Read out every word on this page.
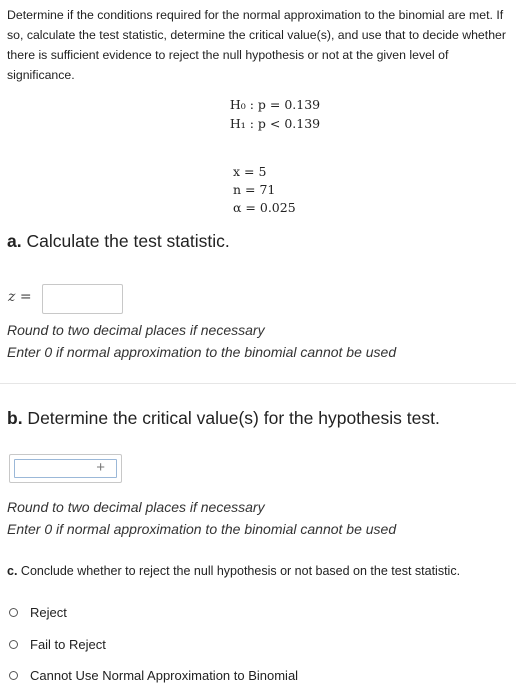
Determine if the conditions required for the normal approximation to the binomial are met. If so, calculate the test statistic, determine the critical value(s), and use that to decide whether there is sufficient evidence to reject the null hypothesis or not at the given level of significance.
H₀ : p = 0.139
H₁ : p < 0.139
x = 5
n = 71
α = 0.025
a. Calculate the test statistic.
z =
Round to two decimal places if necessary
Enter 0 if normal approximation to the binomial cannot be used
b. Determine the critical value(s) for the hypothesis test.
+
Round to two decimal places if necessary
Enter 0 if normal approximation to the binomial cannot be used
c. Conclude whether to reject the null hypothesis or not based on the test statistic.
Reject
Fail to Reject
Cannot Use Normal Approximation to Binomial
